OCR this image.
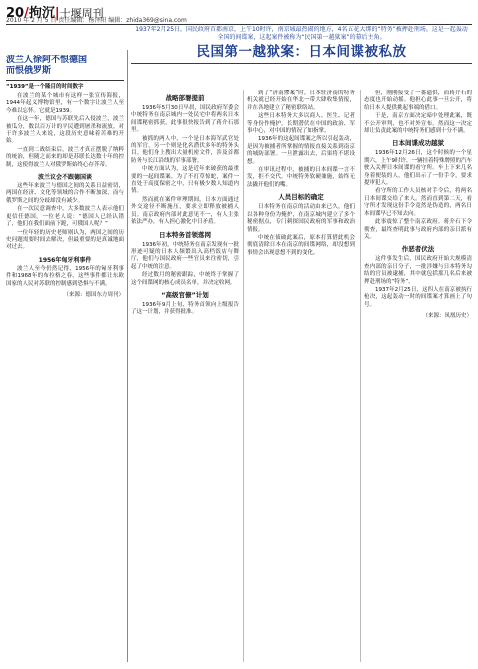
20/拘沉|十堰周刊
2010 年 2 月 5 日 责任编辑：杨泽阳 编辑：zhida369@sina.com
波兰人徐阿不恨德国
而恨俄罗斯
“1939”是一个隆目的时间数字

在波兰的某个城市有这样一张宣传海报，1944年起义博物馆里，有一个数字让波兰人至今难以忘怀。它就是1939。

在这一年，德国与苏联先后入侵波兰，波兰被瓜分，数以百万计的平民遭到屠杀和流放。对于许多波兰人来说，这段历史意味着苦难的开始。

一直到二战结束后，波兰才真正摆脱了纳粹的统治，但随之而来的却是苏联长达数十年的控制，这使得波兰人对俄罗斯始终心存芥蒂。

波兰议会不跟德国谈

这些年来波兰与德国之间的关系日益密切，两国在经济、文化等领域的合作不断加深，而与俄罗斯之间的分歧却没有减少。

在一次民意调查中，大多数波兰人表示他们更信任德国。一位老人说：“德国人已经认错了，他们在我们面前下跪，可俄国人呢？”

一位年轻的历史老师则认为，两国之间的历史问题需要时间去解决，但最重要的是真诚地面对过去。

1956年匈牙利事件

波兰人至今仍然记得，1956年的匈牙利事件和1968年的布拉格之春，这些事件都让东欧国家的人民对苏联的控制感到恐惧与不满。

（来源：德国东方周刊）
1937年2月25日，国民政府首都南京，上午10时许，南京城最热闹的地方，4名五花大绑的“特务”被押赴刑场。这是一起轰动全国的间谍案，这起案件被称为“民国第一越狱案”的幕后主角。
民国第一越狱案：日本间谍被私放
战略部署提前

1936年5月30日早晨，国民政府军委会中统特务在南京城内一处民宅中将两名日本间谍秘密抓获，此事很快报告到了蒋介石那里。

被抓的两人中，一个是日本海军武官处的军官，另一个则是化名潜伏多年的特务头目。他们身上搜出大量机密文件，涉及首都防务与长江沿线的军事部署。

中统方面认为，这是近年来破获的最重要的一起间谍案。为了不打草惊蛇，案件一直处于高度保密之中，只有极少数人知道内情。

然而就在案件审理期间，日本方面通过外交途径不断施压，要求立即释放被捕人员。南京政府内部对此意见不一，有人主张依法严办，有人担心激化中日矛盾。

日本特务首领落网

1936年初，中统特务在南京发现有一批形迹可疑的日本人频繁出入高档饭店与舞厅，他们与国民政府一些官员来往密切，引起了中统的注意。

经过数月的秘密跟踪，中统终于掌握了这个间谍网的核心成员名单，并决定收网。

“高级官僚”计划

1936年9月上旬，特务首领向上级报告了这一计划，并获得批准。

到了“济南惨案”时，日本驻济南的特务机关就已经开始在华北一带大肆收集情报，并在各地建立了秘密联络站。

这些日本特务大多以商人、医生、记者等身份作掩护，长期潜伏在中国的政治、军事中心，对中国的情况了如指掌。

1936年的这起间谍案之所以引起轰动，是因为被捕者所掌握的情报直接关系到南京的城防部署。一旦泄露出去，后果将不堪设想。

在审讯过程中，被捕的日本间谍一言不发，拒不交代。中统特务软硬兼施，始终无法撬开他们的嘴。

人员目标的确定

日本特务在南京的活动由来已久，他们以各种身份为掩护，在南京城内建立了多个秘密据点，专门刺探国民政府的军事和政治情报。

中统在侦破此案后，原本打算借此机会彻底清除日本在南京的间谍网络，却没想到事情会出现意想不到的变化。

但，刚刚接受了一番逼供，而蒋介石的态度也开始动摇。他担心此事一旦公开，将给日本人提供挑起事端的借口。

于是，南京方面决定暗中处理此案，既不公开审判，也不对外宣布。然而这一决定却让负责此案的中统特务们感到十分不满。

日本间谍成功越狱

1936年12月26日，这个时候的一个星期六，上午9时许，一辆挂着特殊牌照的汽车驶入关押日本间谍的看守所。车上下来几名身着便装的人，他们出示了一份手令，要求提审犯人。

看守所的工作人员核对手令后，将两名日本间谍交给了来人。然而直到第二天，看守所才发现这份手令竟然是伪造的，两名日本间谍早已不知去向。

此事震惊了整个南京政府。蒋介石下令彻查，最终查明此事与政府内部的亲日派有关。

作恶者伏法

这件事发生后，国民政府开始大规模清查内部的亲日分子，一批涉嫌与日本特务勾结的官员被逮捕，其中就包括那几名后来被押赴刑场的“特务”。

1937年2月25日，这四人在南京被执行枪决，这起轰动一时的间谍案才算画上了句号。

（来源：凤凰历史）
